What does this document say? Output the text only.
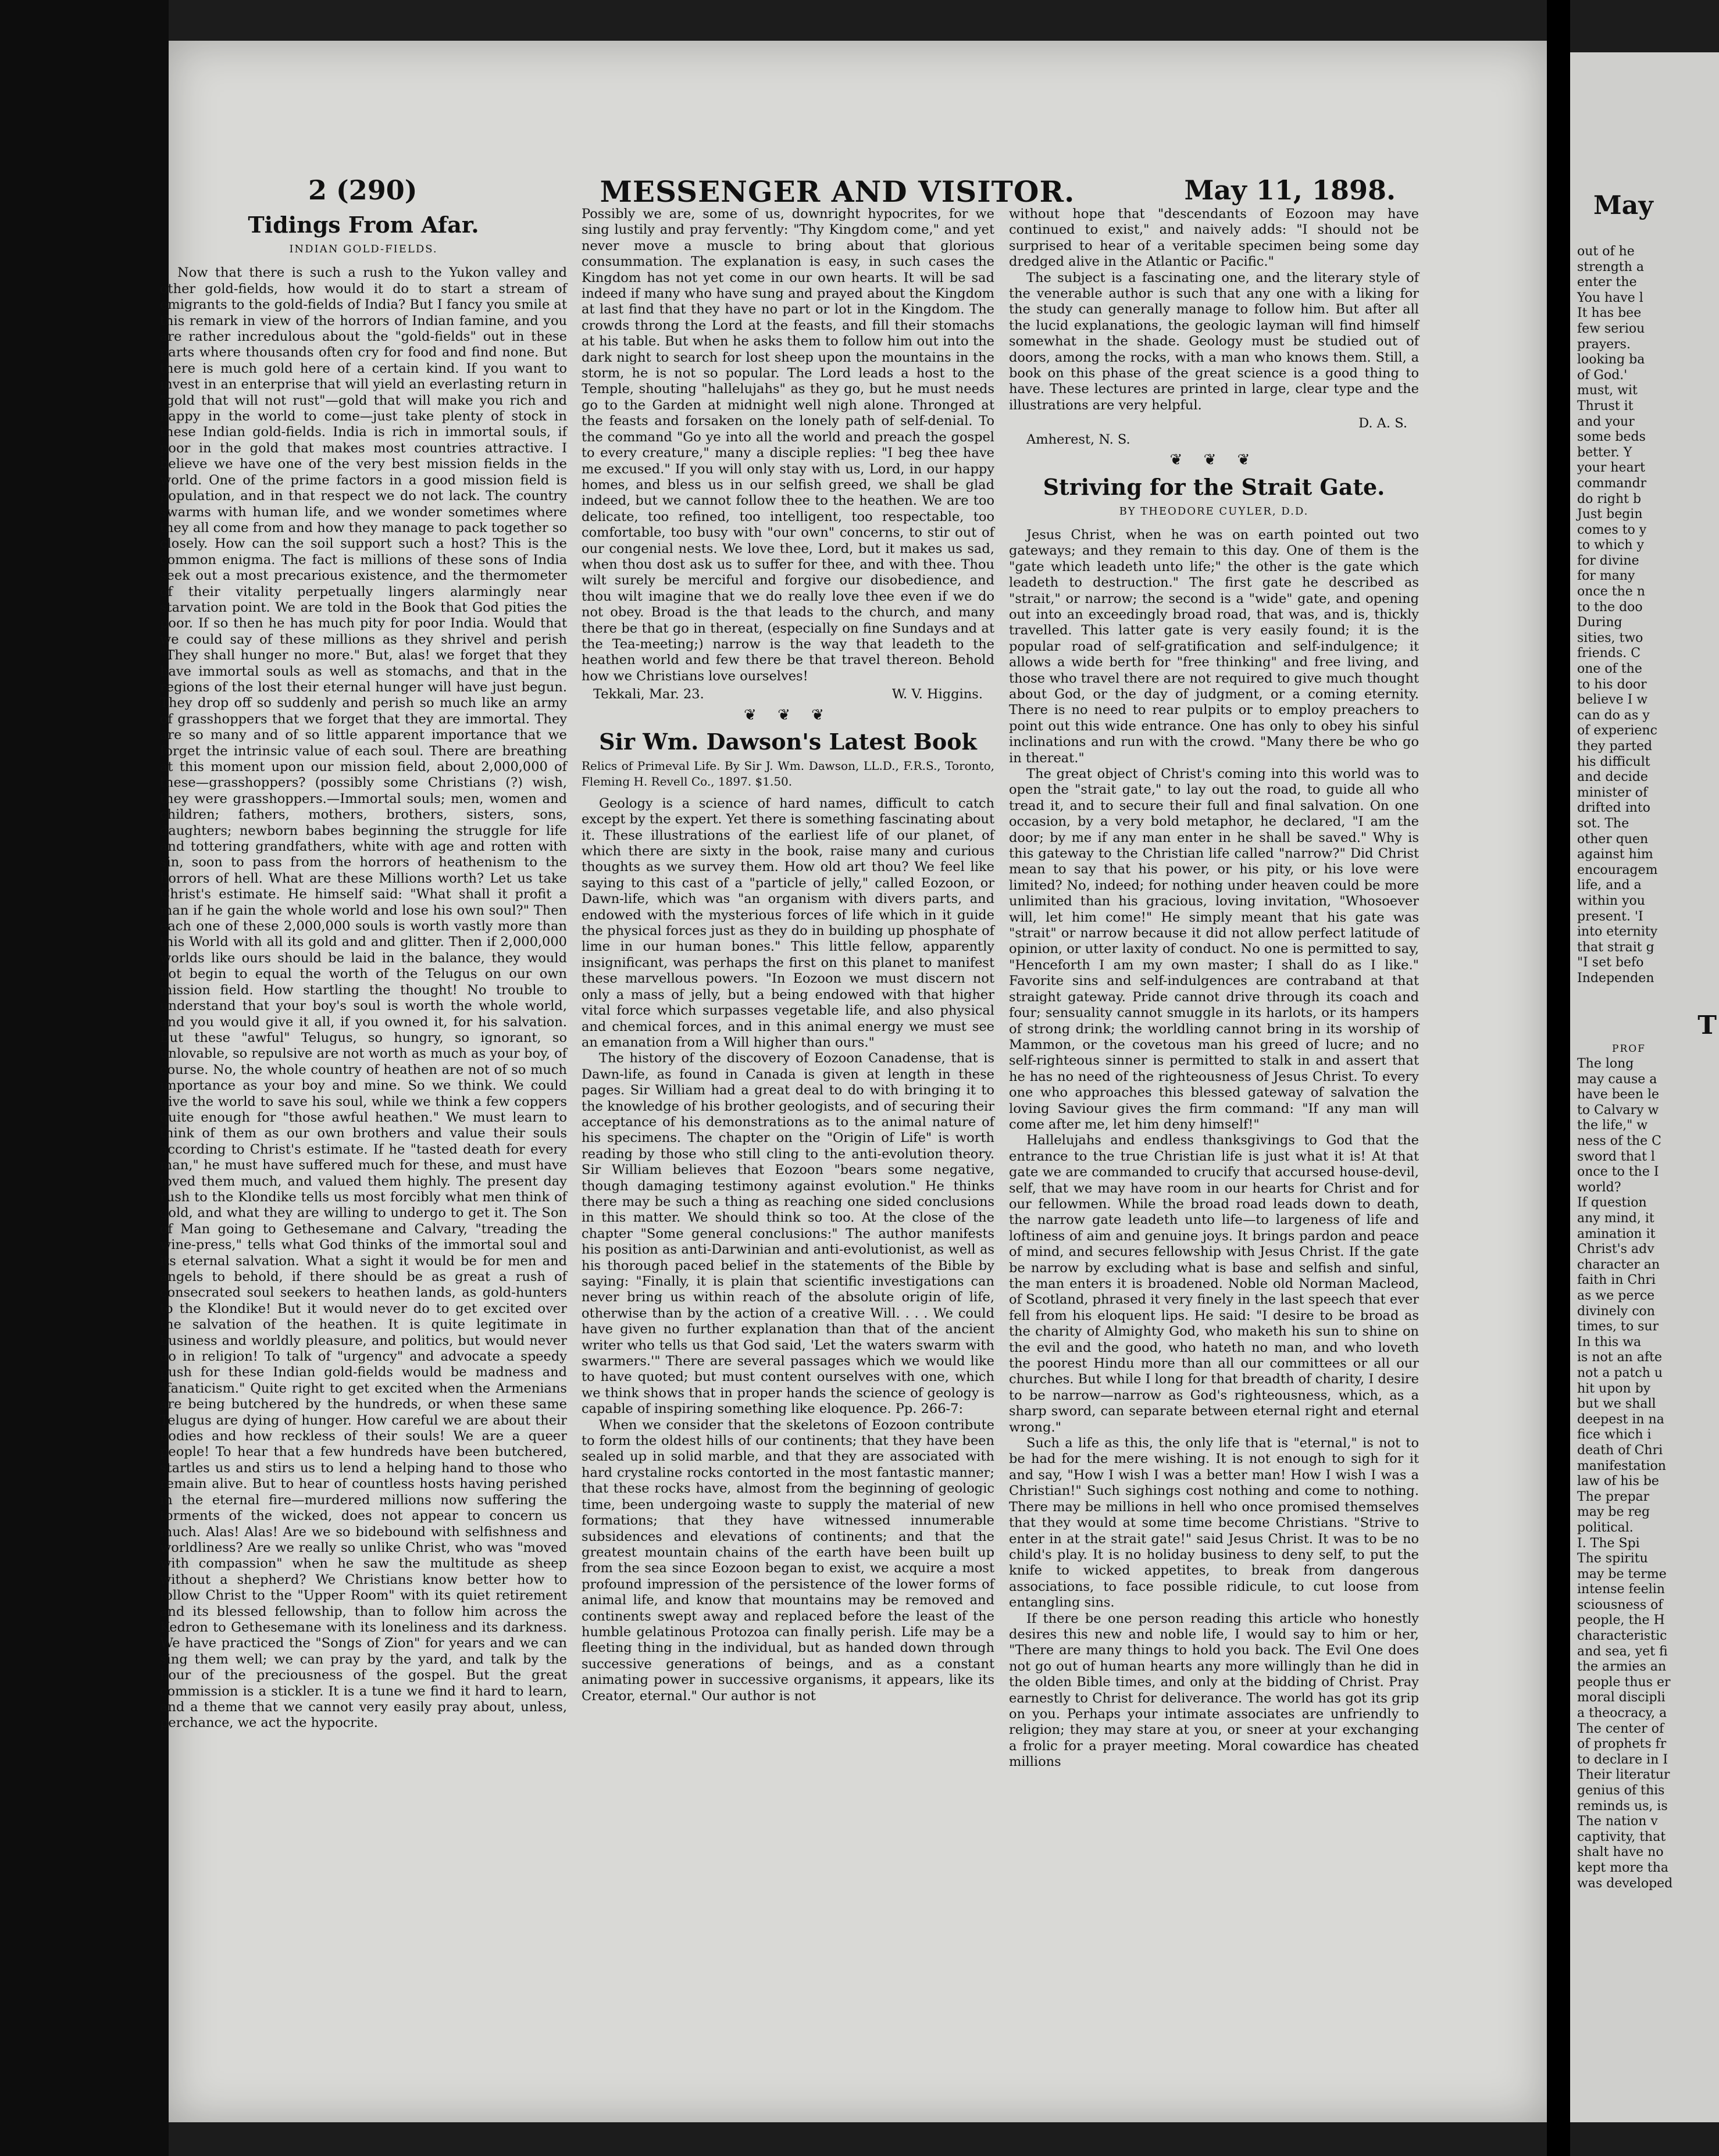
2 (290)	MESSENGER AND VISITOR.	May 11, 1898.
Tidings From Afar.
INDIAN GOLD-FIELDS.

Now that there is such a rush to the Yukon valley and other gold-fields, how would it do to start a stream of emigrants to the gold-fields of India? But I fancy you smile at this remark in view of the horrors of Indian famine, and you are rather incredulous about the "gold-fields" out in these parts where thousands often cry for food and find none. But there is much gold here of a certain kind. If you want to invest in an enterprise that will yield an everlasting return in "gold that will not rust"—gold that will make you rich and happy in the world to come—just take plenty of stock in these Indian gold-fields. India is rich in immortal souls, if poor in the gold that makes most countries attractive. I believe we have one of the very best mission fields in the world. One of the prime factors in a good mission field is population, and in that respect we do not lack. The country swarms with human life, and we wonder sometimes where they all come from and how they manage to pack together so closely. How can the soil support such a host? This is the common enigma. The fact is millions of these sons of India seek out a most precarious existence, and the thermometer of their vitality perpetually lingers alarmingly near starvation point. We are told in the Book that God pities the poor. If so then he has much pity for poor India. Would that we could say of these millions as they shrivel and perish "They shall hunger no more." But, alas! we forget that they have immortal souls as well as stomachs, and that in the regions of the lost their eternal hunger will have just begun. They drop off so suddenly and perish so much like an army of grasshoppers that we forget that they are immortal. They are so many and of so little apparent importance that we forget the intrinsic value of each soul. There are breathing at this moment upon our mission field, about 2,000,000 of these—grasshoppers? (possibly some Christians (?) wish, they were grasshoppers.—Immortal souls; men, women and children; fathers, mothers, brothers, sisters, sons, daughters; newborn babes beginning the struggle for life and tottering grandfathers, white with age and rotten with sin, soon to pass from the horrors of heathenism to the horrors of hell. What are these Millions worth? Let us take Christ's estimate. He himself said: "What shall it profit a man if he gain the whole world and lose his own soul?" Then each one of these 2,000,000 souls is worth vastly more than this World with all its gold and and glitter. Then if 2,000,000 worlds like ours should be laid in the balance, they would not begin to equal the worth of the Telugus on our own mission field. How startling the thought! No trouble to understand that your boy's soul is worth the whole world, and you would give it all, if you owned it, for his salvation. But these "awful" Telugus, so hungry, so ignorant, so unlovable, so repulsive are not worth as much as your boy, of course. No, the whole country of heathen are not of so much importance as your boy and mine. So we think. We could give the world to save his soul, while we think a few coppers quite enough for "those awful heathen." We must learn to think of them as our own brothers and value their souls according to Christ's estimate. If he "tasted death for every man," he must have suffered much for these, and must have loved them much, and valued them highly. The present day rush to the Klondike tells us most forcibly what men think of gold, and what they are willing to undergo to get it. The Son of Man going to Gethesemane and Calvary, "treading the wine-press," tells what God thinks of the immortal soul and its eternal salvation. What a sight it would be for men and angels to behold, if there should be as great a rush of consecrated soul seekers to heathen lands, as gold-hunters to the Klondike! But it would never do to get excited over the salvation of the heathen. It is quite legitimate in business and worldly pleasure, and politics, but would never do in religion! To talk of "urgency" and advocate a speedy push for these Indian gold-fields would be madness and "fanaticism." Quite right to get excited when the Armenians are being butchered by the hundreds, or when these same Telugus are dying of hunger. How careful we are about their bodies and how reckless of their souls! We are a queer people! To hear that a few hundreds have been butchered, startles us and stirs us to lend a helping hand to those who remain alive. But to hear of countless hosts having perished in the eternal fire—murdered millions now suffering the torments of the wicked, does not appear to concern us much. Alas! Alas! Are we so bidebound with selfishness and worldliness? Are we really so unlike Christ, who was "moved with compassion" when he saw the multitude as sheep without a shepherd? We Christians know better how to follow Christ to the "Upper Room" with its quiet retirement and its blessed fellowship, than to follow him across the Kedron to Gethesemane with its loneliness and its darkness. We have practiced the "Songs of Zion" for years and we can sing them well; we can pray by the yard, and talk by the hour of the preciousness of the gospel. But the great commission is a stickler. It is a tune we find it hard to learn, and a theme that we cannot very easily pray about, unless, perchance, we act the hypocrite.

Possibly we are, some of us, downright hypocrites, for we sing lustily and pray fervently: "Thy Kingdom come," and yet never move a muscle to bring about that glorious consummation. The explanation is easy, in such cases the Kingdom has not yet come in our own hearts. It will be sad indeed if many who have sung and prayed about the Kingdom at last find that they have no part or lot in the Kingdom. The crowds throng the Lord at the feasts, and fill their stomachs at his table. But when he asks them to follow him out into the dark night to search for lost sheep upon the mountains in the storm, he is not so popular. The Lord leads a host to the Temple, shouting "hallelujahs" as they go, but he must needs go to the Garden at midnight well nigh alone. Thronged at the feasts and forsaken on the lonely path of self-denial. To the command "Go ye into all the world and preach the gospel to every creature," many a disciple replies: "I beg thee have me excused." If you will only stay with us, Lord, in our happy homes, and bless us in our selfish greed, we shall be glad indeed, but we cannot follow thee to the heathen. We are too delicate, too refined, too intelligent, too respectable, too comfortable, too busy with "our own" concerns, to stir out of our congenial nests. We love thee, Lord, but it makes us sad, when thou dost ask us to suffer for thee, and with thee. Thou wilt surely be merciful and forgive our disobedience, and thou wilt imagine that we do really love thee even if we do not obey. Broad is the that leads to the church, and many there be that go in thereat, (especially on fine Sundays and at the Tea-meeting;) narrow is the way that leadeth to the heathen world and few there be that travel thereon. Behold how we Christians love ourselves!

Tekkali, Mar. 23.	W. V. Higgins.
❦ ❦ ❦
Sir Wm. Dawson's Latest Book
Relics of Primeval Life. By Sir J. Wm. Dawson, LL.D., F.R.S., Toronto, Fleming H. Revell Co., 1897. $1.50.

Geology is a science of hard names, difficult to catch except by the expert. Yet there is something fascinating about it. These illustrations of the earliest life of our planet, of which there are sixty in the book, raise many and curious thoughts as we survey them. How old art thou? We feel like saying to this cast of a "particle of jelly," called Eozoon, or Dawn-life, which was "an organism with divers parts, and endowed with the mysterious forces of life which in it guide the physical forces just as they do in building up phosphate of lime in our human bones." This little fellow, apparently insignificant, was perhaps the first on this planet to manifest these marvellous powers. "In Eozoon we must discern not only a mass of jelly, but a being endowed with that higher vital force which surpasses vegetable life, and also physical and chemical forces, and in this animal energy we must see an emanation from a Will higher than ours."

The history of the discovery of Eozoon Canadense, that is Dawn-life, as found in Canada is given at length in these pages. Sir William had a great deal to do with bringing it to the knowledge of his brother geologists, and of securing their acceptance of his demonstrations as to the animal nature of his specimens. The chapter on the "Origin of Life" is worth reading by those who still cling to the anti-evolution theory. Sir William believes that Eozoon "bears some negative, though damaging testimony against evolution." He thinks there may be such a thing as reaching one sided conclusions in this matter. We should think so too. At the close of the chapter "Some general conclusions:" The author manifests his position as anti-Darwinian and anti-evolutionist, as well as his thorough paced belief in the statements of the Bible by saying: "Finally, it is plain that scientific investigations can never bring us within reach of the absolute origin of life, otherwise than by the action of a creative Will. . . . We could have given no further explanation than that of the ancient writer who tells us that God said, 'Let the waters swarm with swarmers.'" There are several passages which we would like to have quoted; but must content ourselves with one, which we think shows that in proper hands the science of geology is capable of inspiring something like eloquence. Pp. 266-7:

When we consider that the skeletons of Eozoon contribute to form the oldest hills of our continents; that they have been sealed up in solid marble, and that they are associated with hard crystaline rocks contorted in the most fantastic manner; that these rocks have, almost from the beginning of geologic time, been undergoing waste to supply the material of new formations; that they have witnessed innumerable subsidences and elevations of continents; and that the greatest mountain chains of the earth have been built up from the sea since Eozoon began to exist, we acquire a most profound impression of the persistence of the lower forms of animal life, and know that mountains may be removed and continents swept away and replaced before the least of the humble gelatinous Protozoa can finally perish. Life may be a fleeting thing in the individual, but as handed down through successive generations of beings, and as a constant animating power in successive organisms, it appears, like its Creator, eternal." Our author is not

without hope that "descendants of Eozoon may have continued to exist," and naively adds: "I should not be surprised to hear of a veritable specimen being some day dredged alive in the Atlantic or Pacific."

The subject is a fascinating one, and the literary style of the venerable author is such that any one with a liking for the study can generally manage to follow him. But after all the lucid explanations, the geologic layman will find himself somewhat in the shade. Geology must be studied out of doors, among the rocks, with a man who knows them. Still, a book on this phase of the great science is a good thing to have. These lectures are printed in large, clear type and the illustrations are very helpful.

D. A. S.

Amherest, N. S.

❦ ❦ ❦
Striving for the Strait Gate.
BY THEODORE CUYLER, D.D.

Jesus Christ, when he was on earth pointed out two gateways; and they remain to this day. One of them is the "gate which leadeth unto life;" the other is the gate which leadeth to destruction." The first gate he described as "strait," or narrow; the second is a "wide" gate, and opening out into an exceedingly broad road, that was, and is, thickly travelled. This latter gate is very easily found; it is the popular road of self-gratification and self-indulgence; it allows a wide berth for "free thinking" and free living, and those who travel there are not required to give much thought about God, or the day of judgment, or a coming eternity. There is no need to rear pulpits or to employ preachers to point out this wide entrance. One has only to obey his sinful inclinations and run with the crowd. "Many there be who go in thereat."

The great object of Christ's coming into this world was to open the "strait gate," to lay out the road, to guide all who tread it, and to secure their full and final salvation. On one occasion, by a very bold metaphor, he declared, "I am the door; by me if any man enter in he shall be saved." Why is this gateway to the Christian life called "narrow?" Did Christ mean to say that his power, or his pity, or his love were limited? No, indeed; for nothing under heaven could be more unlimited than his gracious, loving invitation, "Whosoever will, let him come!" He simply meant that his gate was "strait" or narrow because it did not allow perfect latitude of opinion, or utter laxity of conduct. No one is permitted to say, "Henceforth I am my own master; I shall do as I like." Favorite sins and self-indulgences are contraband at that straight gateway. Pride cannot drive through its coach and four; sensuality cannot smuggle in its harlots, or its hampers of strong drink; the worldling cannot bring in its worship of Mammon, or the covetous man his greed of lucre; and no self-righteous sinner is permitted to stalk in and assert that he has no need of the righteousness of Jesus Christ. To every one who approaches this blessed gateway of salvation the loving Saviour gives the firm command: "If any man will come after me, let him deny himself!"

Hallelujahs and endless thanksgivings to God that the entrance to the true Christian life is just what it is! At that gate we are commanded to crucify that accursed house-devil, self, that we may have room in our hearts for Christ and for our fellowmen. While the broad road leads down to death, the narrow gate leadeth unto life—to largeness of life and loftiness of aim and genuine joys. It brings pardon and peace of mind, and secures fellowship with Jesus Christ. If the gate be narrow by excluding what is base and selfish and sinful, the man enters it is broadened. Noble old Norman Macleod, of Scotland, phrased it very finely in the last speech that ever fell from his eloquent lips. He said: "I desire to be broad as the charity of Almighty God, who maketh his sun to shine on the evil and the good, who hateth no man, and who loveth the poorest Hindu more than all our committees or all our churches. But while I long for that breadth of charity, I desire to be narrow—narrow as God's righteousness, which, as a sharp sword, can separate between eternal right and eternal wrong."

Such a life as this, the only life that is "eternal," is not to be had for the mere wishing. It is not enough to sigh for it and say, "How I wish I was a better man! How I wish I was a Christian!" Such sighings cost nothing and come to nothing. There may be millions in hell who once promised themselves that they would at some time become Christians. "Strive to enter in at the strait gate!" said Jesus Christ. It was to be no child's play. It is no holiday business to deny self, to put the knife to wicked appetites, to break from dangerous associations, to face possible ridicule, to cut loose from entangling sins.

If there be one person reading this article who honestly desires this new and noble life, I would say to him or her, "There are many things to hold you back. The Evil One does not go out of human hearts any more willingly than he did in the olden Bible times, and only at the bidding of Christ. Pray earnestly to Christ for deliverance. The world has got its grip on you. Perhaps your intimate associates are unfriendly to religion; they may stare at you, or sneer at your exchanging a frolic for a prayer meeting. Moral cowardice has cheated millions

May
out of he
strength a
enter the
You have l
It has bee
few seriou
prayers.
looking ba
of God.'
must, wit
Thrust it
and your
some beds
better. Y
your heart
commandr
do right b
Just begin
comes to y
to which y
for divine
for many
once the n
to the doo
During
sities, two
friends. C
one of the
to his door
believe I w
can do as y
of experienc
they parted
his difficult
and decide
minister of
drifted into
sot. The
other quen
against him
encouragem
life, and a
within you
present. 'I
into eternity
that strait g
"I set befo
Independen
T
PROF
The long
may cause a
have been le
to Calvary w
the life," w
ness of the C
sword that l
once to the I
world?
If question
any mind, it
amination it
Christ's adv
character an
faith in Chri
as we perce
divinely con
times, to sur
In this wa
is not an afte
not a patch u
hit upon by
but we shall
deepest in na
fice which i
death of Chri
manifestation
law of his be
The prepar
may be reg
political.
I. The Spi
The spiritu
may be terme
intense feelin
sciousness of
people, the H
characteristic
and sea, yet fi
the armies an
people thus er
moral discipli
a theocracy, a
The center of
of prophets fr
to declare in I
Their literatur
genius of this
reminds us, is
The nation v
captivity, that
shalt have no
kept more tha
was developed
